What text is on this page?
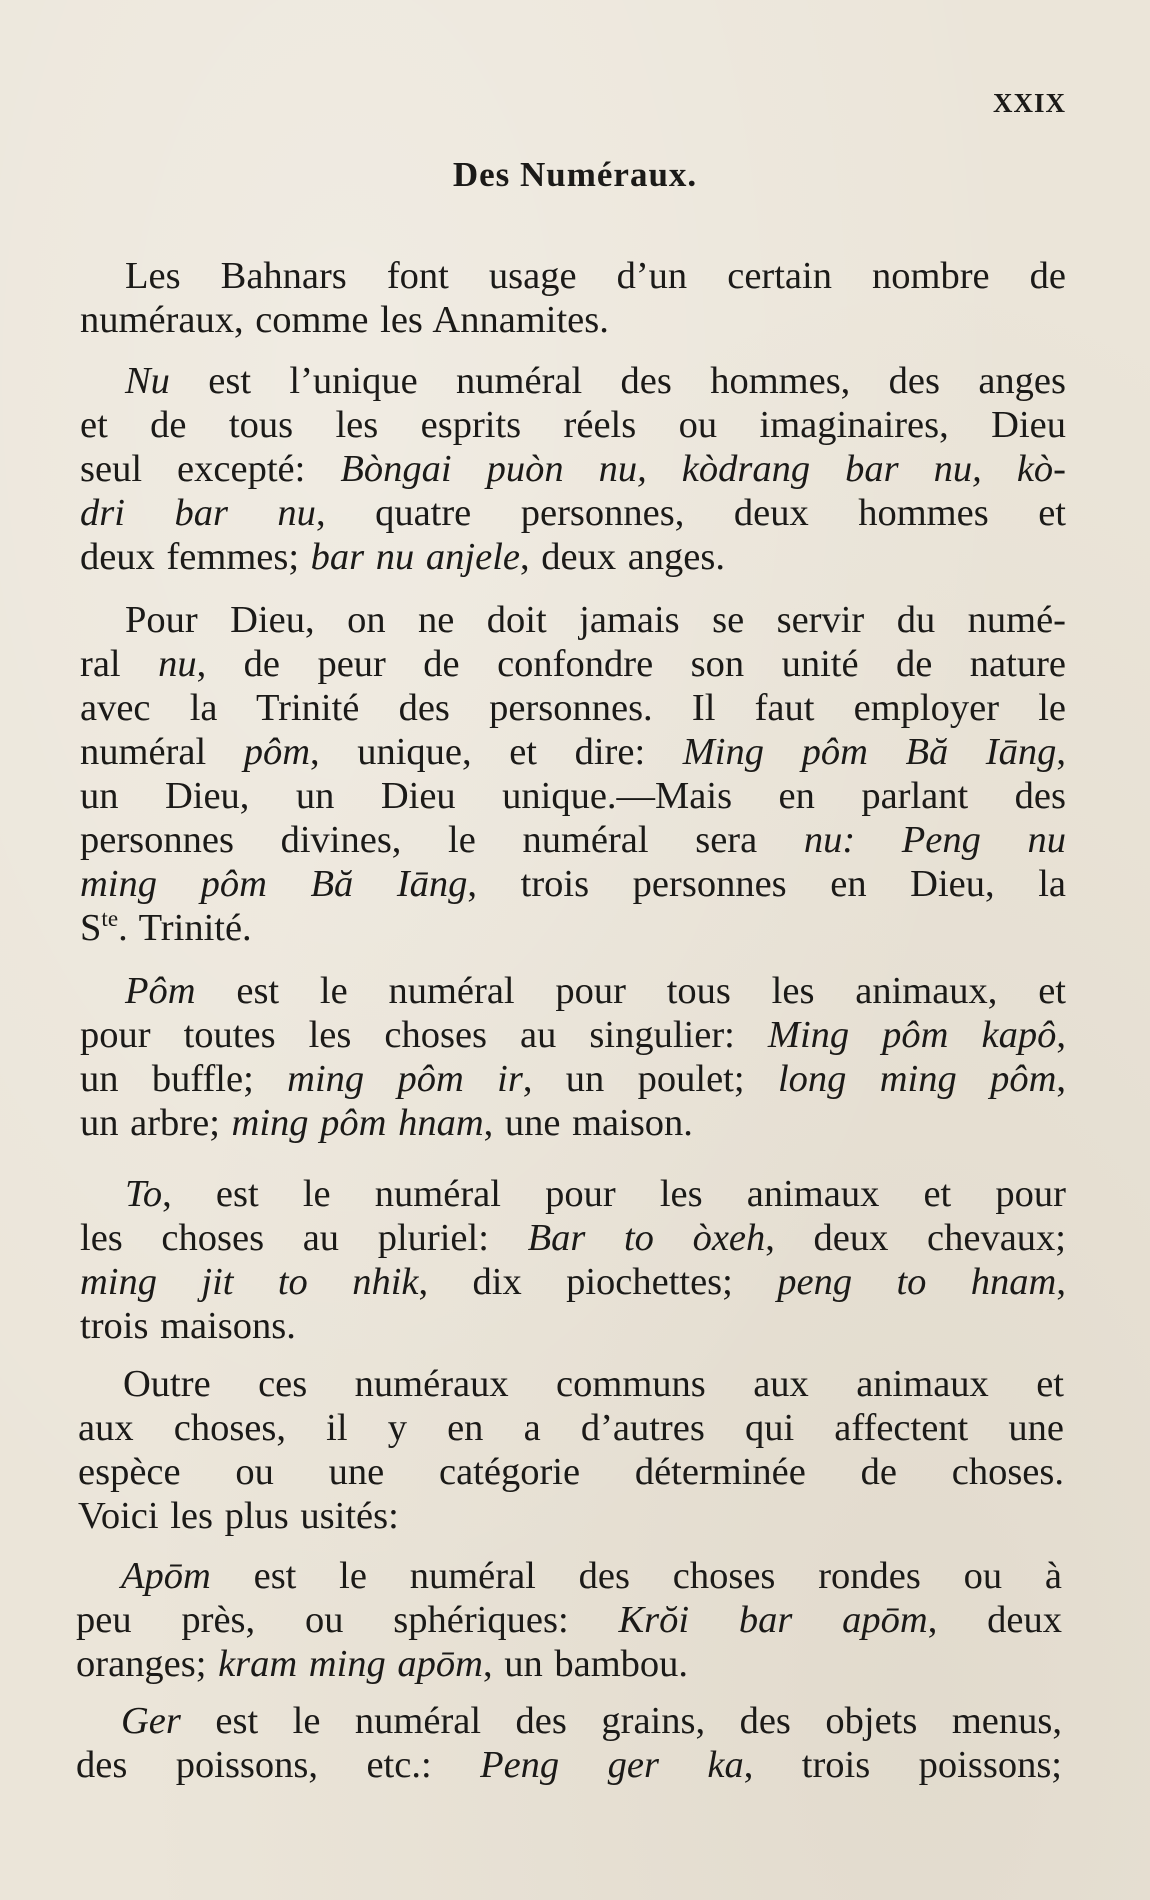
XXIX
Des Numéraux.
Les Bahnars font usage d’un certain nombre de
numéraux, comme les Annamites.
Nu est l’unique numéral des hommes, des anges
et de tous les esprits réels ou imaginaires, Dieu
seul excepté: Bòngai puòn nu, kòdrang bar nu, kò-
dri bar nu, quatre personnes, deux hommes et
deux femmes; bar nu anjele, deux anges.
Pour Dieu, on ne doit jamais se servir du numé-
ral nu, de peur de confondre son unité de nature
avec la Trinité des personnes. Il faut employer le
numéral pôm, unique, et dire: Ming pôm Bă Iāng,
un Dieu, un Dieu unique.—Mais en parlant des
personnes divines, le numéral sera nu: Peng nu
ming pôm Bă Iāng, trois personnes en Dieu, la
$S^{te}$. Trinité.
Pôm est le numéral pour tous les animaux, et
pour toutes les choses au singulier: Ming pôm kapô,
un buffle; ming pôm ir, un poulet; long ming pôm,
un arbre; ming pôm hnam, une maison.
To, est le numéral pour les animaux et pour
les choses au pluriel: Bar to òxeh, deux chevaux;
ming jit to nhik, dix piochettes; peng to hnam,
trois maisons.
Outre ces numéraux communs aux animaux et
aux choses, il y en a d’autres qui affectent une
espèce ou une catégorie déterminée de choses.
Voici les plus usités:
Apōm est le numéral des choses rondes ou à
peu près, ou sphériques: Krŏi bar apōm, deux
oranges; kram ming apōm, un bambou.
Ger est le numéral des grains, des objets menus,
des poissons, etc.: Peng ger ka, trois poissons;
